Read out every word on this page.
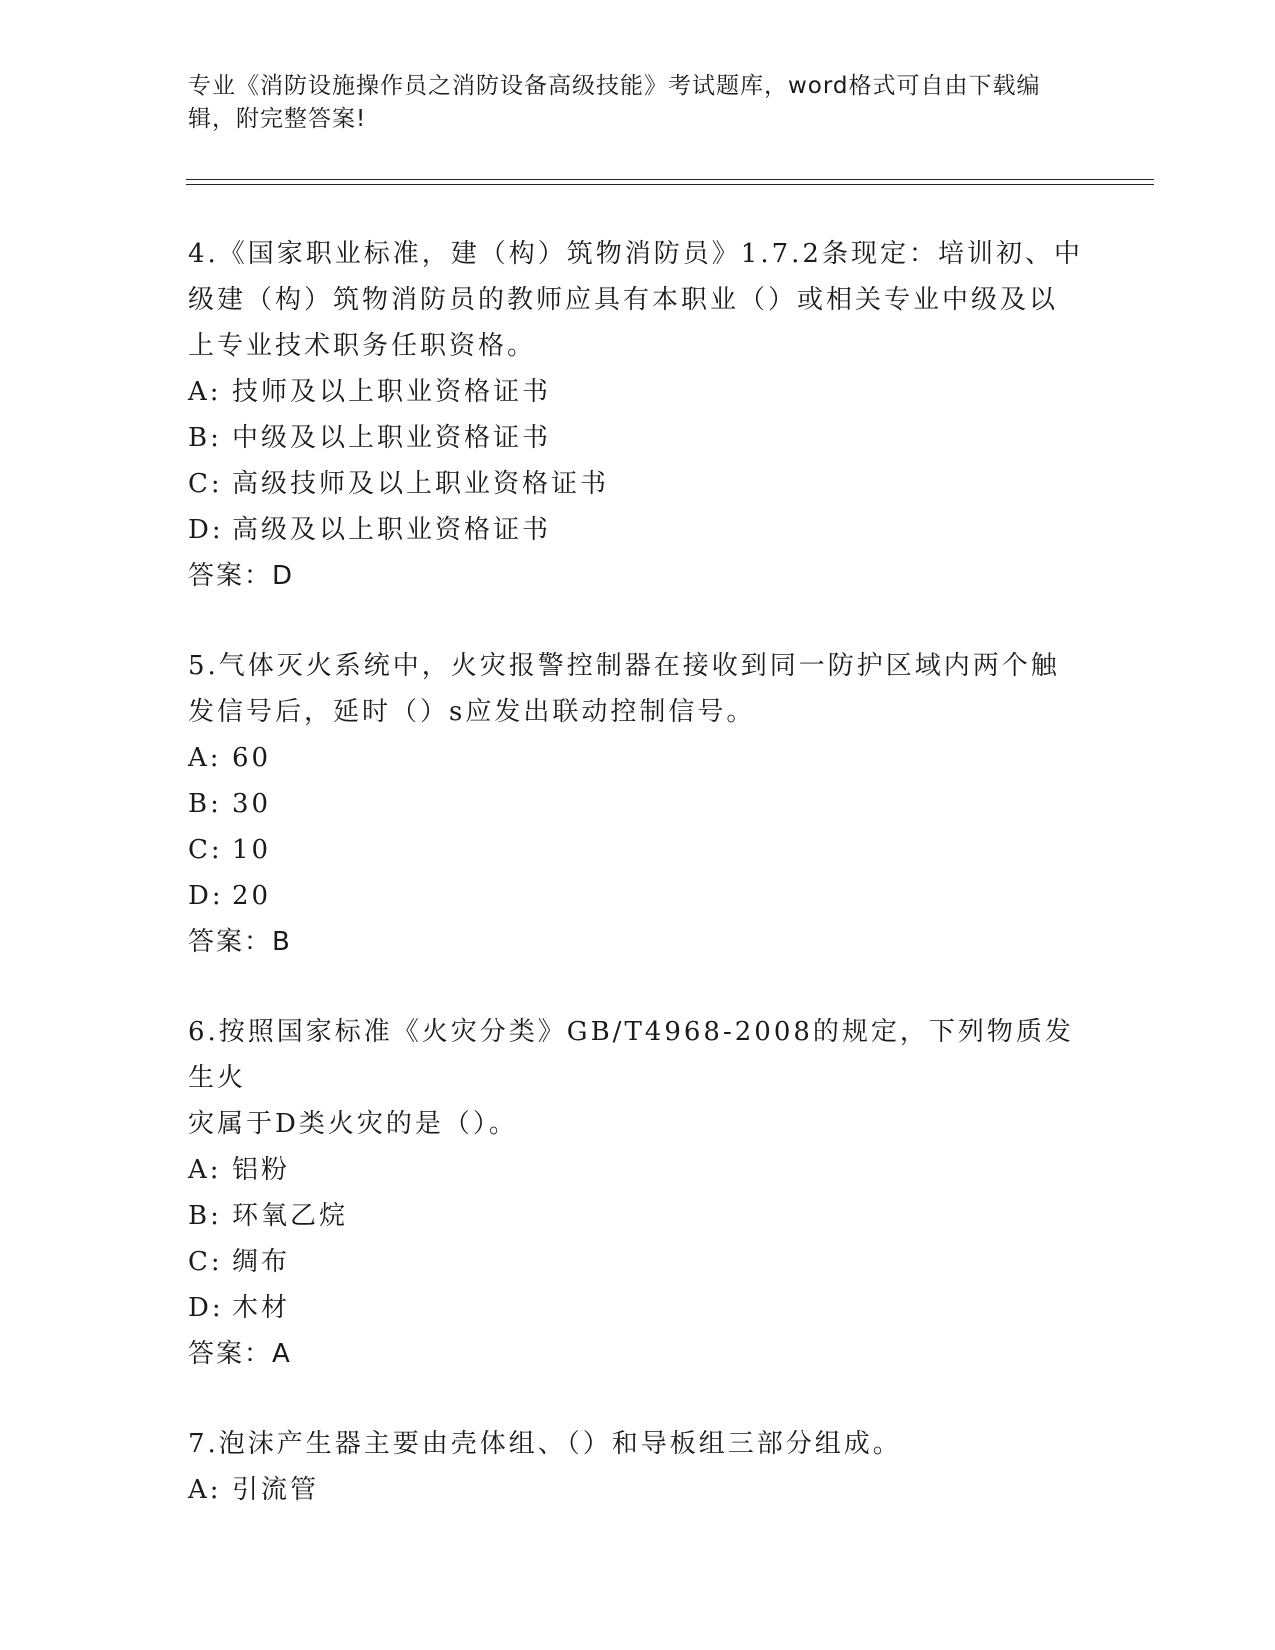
专业《消防设施操作员之消防设备高级技能》考试题库，word格式可自由下载编
辑，附完整答案!

4.《国家职业标准，建（构）筑物消防员》1.7.2条现定：培训初、中

级建（构）筑物消防员的教师应具有本职业（）或相关专业中级及以

上专业技术职务任职资格。

A: 技师及以上职业资格证书

B: 中级及以上职业资格证书

C: 高级技师及以上职业资格证书

D: 高级及以上职业资格证书

答案：D

5.气体灭火系统中，火灾报警控制器在接收到同一防护区域内两个触

发信号后，延时（）s应发出联动控制信号。

A: 60

B: 30

C: 10

D: 20

答案：B

6.按照国家标准《火灾分类》GB/T4968-2008的规定，下列物质发生火

灾属于D类火灾的是（）。

A: 铝粉

B: 环氧乙烷

C: 绸布

D: 木材

答案：A

7.泡沫产生器主要由壳体组、（）和导板组三部分组成。

A: 引流管
